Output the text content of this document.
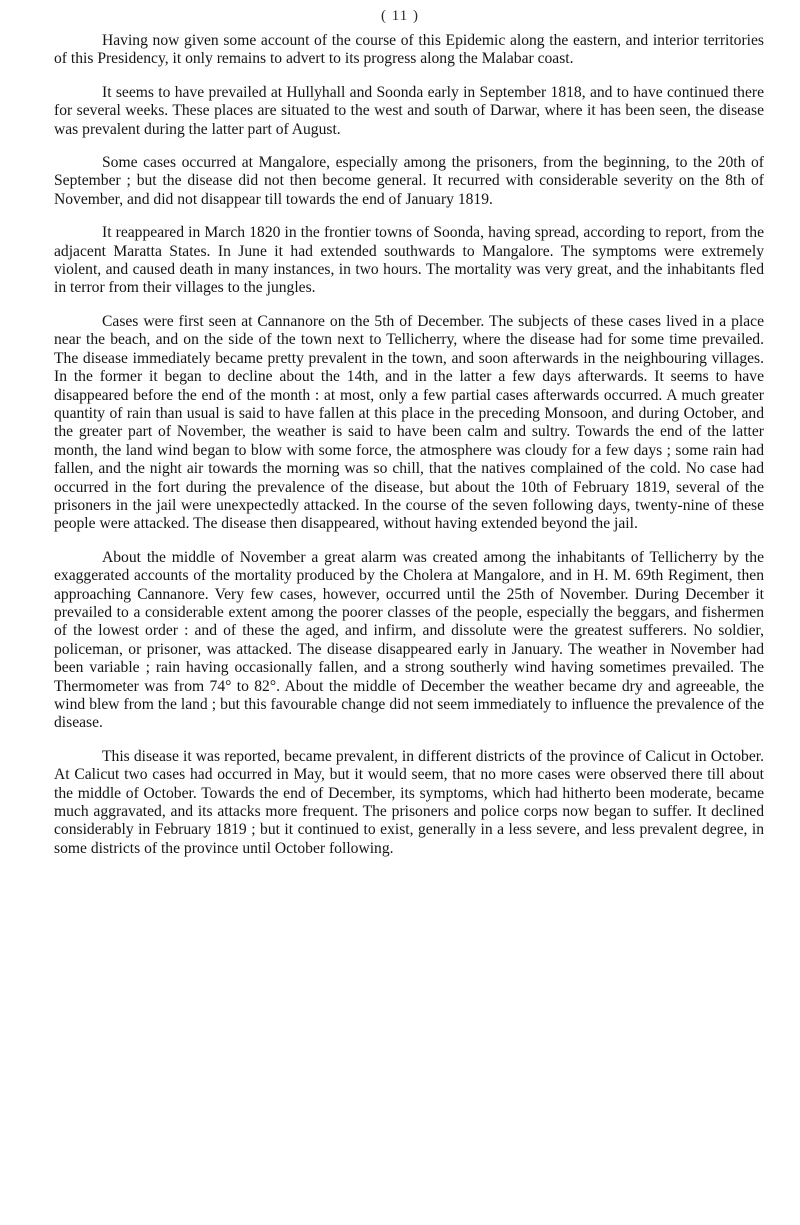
( 11 )

Having now given some account of the course of this Epidemic along the eastern, and interior territories of this Presidency, it only remains to advert to its progress along the Malabar coast.

It seems to have prevailed at Hullyhall and Soonda early in September 1818, and to have continued there for several weeks. These places are situated to the west and south of Darwar, where it has been seen, the disease was prevalent during the latter part of August.

Some cases occurred at Mangalore, especially among the prisoners, from the beginning, to the 20th of September ; but the disease did not then become general. It recurred with considerable severity on the 8th of November, and did not disappear till towards the end of January 1819.

It reappeared in March 1820 in the frontier towns of Soonda, having spread, according to report, from the adjacent Maratta States. In June it had extended southwards to Mangalore. The symptoms were extremely violent, and caused death in many instances, in two hours. The mortality was very great, and the inhabitants fled in terror from their villages to the jungles.

Cases were first seen at Cannanore on the 5th of December. The subjects of these cases lived in a place near the beach, and on the side of the town next to Tellicherry, where the disease had for some time prevailed. The disease immediately became pretty prevalent in the town, and soon afterwards in the neighbouring villages. In the former it began to decline about the 14th, and in the latter a few days afterwards. It seems to have disappeared before the end of the month : at most, only a few partial cases afterwards occurred. A much greater quantity of rain than usual is said to have fallen at this place in the preceding Monsoon, and during October, and the greater part of November, the weather is said to have been calm and sultry. Towards the end of the latter month, the land wind began to blow with some force, the atmosphere was cloudy for a few days ; some rain had fallen, and the night air towards the morning was so chill, that the natives complained of the cold. No case had occurred in the fort during the prevalence of the disease, but about the 10th of February 1819, several of the prisoners in the jail were unexpectedly attacked. In the course of the seven following days, twenty-nine of these people were attacked. The disease then disappeared, without having extended beyond the jail.

About the middle of November a great alarm was created among the inhabitants of Tellicherry by the exaggerated accounts of the mortality produced by the Cholera at Mangalore, and in H. M. 69th Regiment, then approaching Cannanore. Very few cases, however, occurred until the 25th of November. During December it prevailed to a considerable extent among the poorer classes of the people, especially the beggars, and fishermen of the lowest order : and of these the aged, and infirm, and dissolute were the greatest sufferers. No soldier, policeman, or prisoner, was attacked. The disease disappeared early in January. The weather in November had been variable ; rain having occasionally fallen, and a strong southerly wind having sometimes prevailed. The Thermometer was from 74° to 82°. About the middle of December the weather became dry and agreeable, the wind blew from the land ; but this favourable change did not seem immediately to influence the prevalence of the disease.

This disease it was reported, became prevalent, in different districts of the province of Calicut in October. At Calicut two cases had occurred in May, but it would seem, that no more cases were observed there till about the middle of October. Towards the end of December, its symptoms, which had hitherto been moderate, became much aggravated, and its attacks more frequent. The prisoners and police corps now began to suffer. It declined considerably in February 1819 ; but it continued to exist, generally in a less severe, and less prevalent degree, in some districts of the province until October following.
